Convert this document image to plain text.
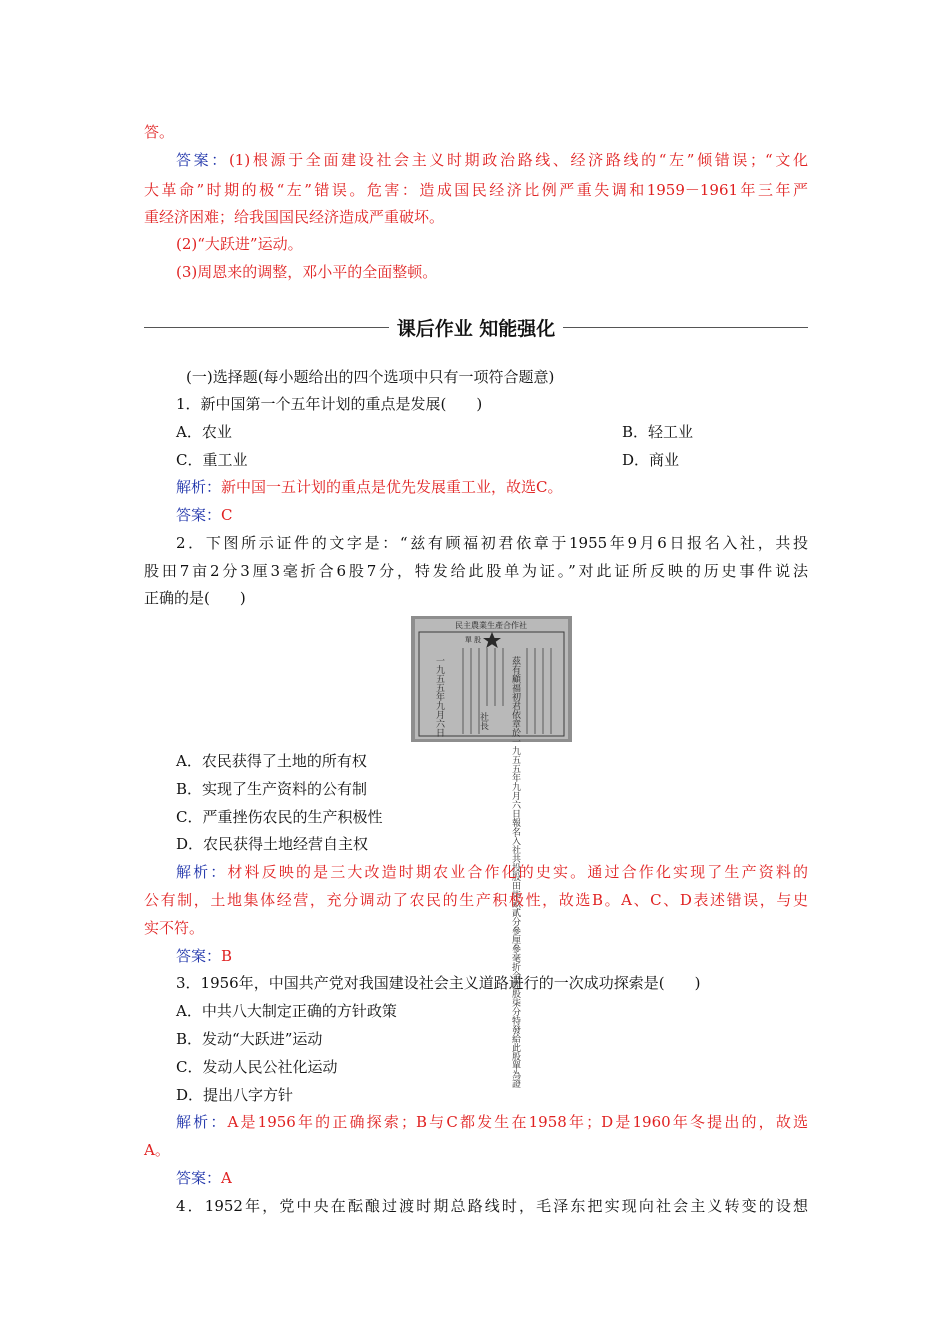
答。
答案：(1)根源于全面建设社会主义时期政治路线、经济路线的“左”倾错误；“文化
大革命”时期的极“左”错误。危害：造成国民经济比例严重失调和1959－1961年三年严
重经济困难；给我国国民经济造成严重破坏。
(2)“大跃进”运动。
(3)周恩来的调整，邓小平的全面整顿。
课后作业 知能强化
(一)选择题(每小题给出的四个选项中只有一项符合题意)
1．新中国第一个五年计划的重点是发展(　　)
A．农业	B．轻工业
C．重工业	D．商业
解析：新中国一五计划的重点是优先发展重工业，故选C。
答案：C
2．下图所示证件的文字是：“兹有顾福初君依章于1955年9月6日报名入社，共投
股田7亩2分3厘3毫折合6股7分，特发给此股单为证。”对此证所反映的历史事件说法
正确的是(　　)
民主農業生產合作社
單 股
茲有顧福初君依章於一九五五年九月六日報名入社共投股田柒畝貳分參厘參毫折合陸股柒分特發給此股單為證
一九五五年九月六日	社長
A．农民获得了土地的所有权
B．实现了生产资料的公有制
C．严重挫伤农民的生产积极性
D．农民获得土地经营自主权
解析：材料反映的是三大改造时期农业合作化的史实。通过合作化实现了生产资料的
公有制，土地集体经营，充分调动了农民的生产积极性，故选B。A、C、D表述错误，与史
实不符。
答案：B
3．1956年，中国共产党对我国建设社会主义道路进行的一次成功探索是(　　)
A．中共八大制定正确的方针政策
B．发动“大跃进”运动
C．发动人民公社化运动
D．提出八字方针
解析：A是1956年的正确探索；B与C都发生在1958年；D是1960年冬提出的，故选
A。
答案：A
4．1952年，党中央在酝酿过渡时期总路线时，毛泽东把实现向社会主义转变的设想
